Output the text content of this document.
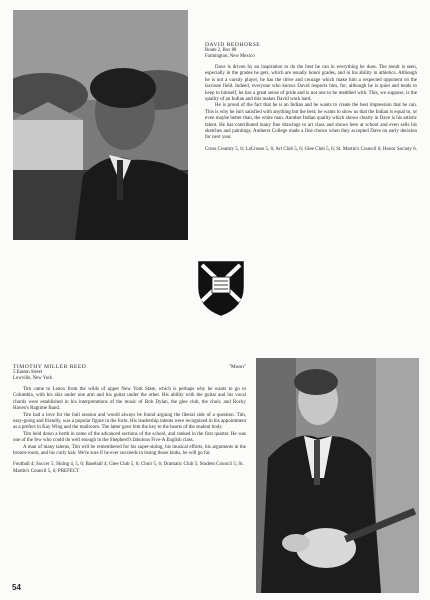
DAVID REDHORSE
Route 2, Box 88
Farmington, New Mexico

Dave is driven by an inspiration to do the best he can in everything he does. The result is seen, especially in the grades he gets, which are usually honor grades, and in his ability in athletics. Although he is not a varsity player, he has the drive and courage which make him a respected opponent on the lacrosse field. Indeed, everyone who knows David respects him, for, although he is quiet and tends to keep to himself, he has a great sense of pride and is not one to be meddled with. This, we suppose, is the quality of an Indian and this makes David work hard.

He is proud of the fact that he is an Indian and he wants to create the best impression that he can. This is why he isn't satisfied with anything but the best; he wants to show us that the Indian is equal to, or even maybe better than, the white man. Another Indian quality which shows clearly in Dave is his artistic talent. He has contributed many fine drawings to art class and shows here at school and even sells his sketches and paintings. Amherst College made a fine choice when they accepted Dave on early decision for next year.

Cross Country 5, 6; LaCrosse 5, 6; Art Club 5, 6; Glee Club 5, 6; St. Martin's Council 6; Honor Society 6.
TIMOTHY MILLER REED	"Moon"
5 Easton Street
Lowville, New York

Tim came to Lenox from the wilds of upper New York State, which is perhaps why he wants to go to Columbia, with his skis under one arm and his guitar under the other. His ability with the guitar and his vocal chords were established in his interpretations of the music of Bob Dylan, the glee club, the choir, and Rocky Haven's Ragtime Band.

Tim had a love for the bull session and would always be found arguing the liberal side of a question. Tim, easy-going and friendly, was a popular figure in the form. His leadership talents were recognized in his appointment as a prefect in Kay Wing and the mailroom. The latter gave him the key to the hearts of the student body.

Tim held down a berth in some of the advanced sections of the school, and ranked in the first quarter. He was one of the few who could do well enough in the Shepherd's fabulous Five-A English class.

A man of many talents, Tim will be remembered for his super-skiing, his musical efforts, his arguments in the broom-room, and his curly hair. We're sure if he ever succeeds in losing those kinks, he will go far.

Football 4; Soccer 5; Skiing 4, 5, 6; Baseball 4; Glee Club 5, 6; Choir 5, 6; Dramatic Club 5; Student Council 5; St. Martin's Council 5, 6; PREFECT
54
